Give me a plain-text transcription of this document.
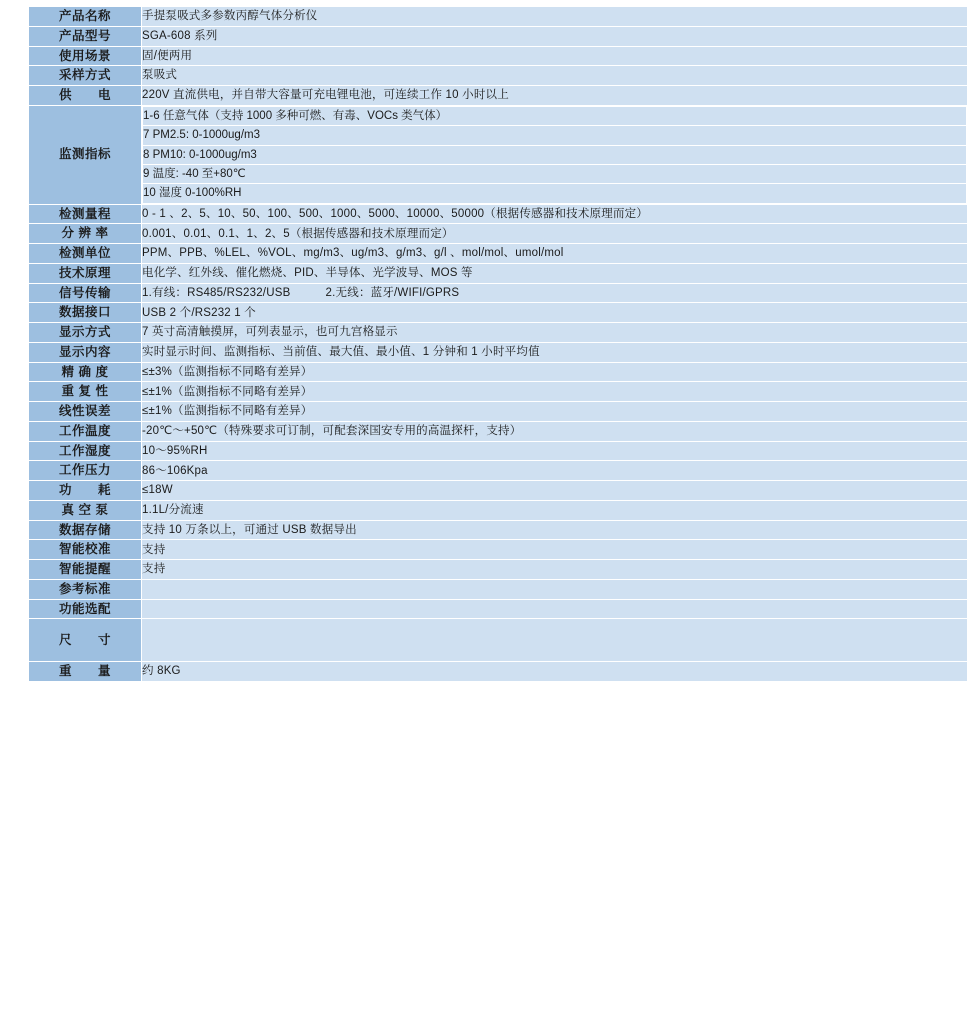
产品名称	手提泵吸式多参数丙醇气体分析仪
产品型号	SGA-608 系列
使用场景	固/便两用
采样方式	泵吸式
供　　电	220V 直流供电，并自带大容量可充电锂电池，可连续工作 10 小时以上
监测指标	
1-6 任意气体（支持 1000 多种可燃、有毒、VOCs 类气体）
7 PM2.5: 0-1000ug/m3
8 PM10: 0-1000ug/m3
9 温度: -40 至+80℃
10 湿度 0-100%RH

检测量程	0 - 1 、2、5、10、50、100、500、1000、5000、10000、50000（根据传感器和技术原理而定）
分 辨 率	0.001、0.01、0.1、1、2、5（根据传感器和技术原理而定）
检测单位	PPM、PPB、%LEL、%VOL、mg/m3、ug/m3、g/m3、g/l 、mol/mol、umol/mol
技术原理	电化学、红外线、催化燃烧、PID、半导体、光学波导、MOS 等
信号传输	1.有线：RS485/RS232/USB　　　2.无线：蓝牙/WIFI/GPRS
数据接口	USB 2 个/RS232 1 个
显示方式	7 英寸高清触摸屏，可列表显示，也可九宫格显示
显示内容	实时显示时间、监测指标、当前值、最大值、最小值、1 分钟和 1 小时平均值
精 确 度	≤±3%（监测指标不同略有差异）
重 复 性	≤±1%（监测指标不同略有差异）
线性误差	≤±1%（监测指标不同略有差异）
工作温度	-20℃～+50℃（特殊要求可订制，可配套深国安专用的高温探杆，支持）
工作湿度	10～95%RH
工作压力	86～106Kpa
功　　耗	≤18W
真 空 泵	1.1L/分流速
数据存储	支持 10 万条以上，可通过 USB 数据导出
智能校准	支持
智能提醒	支持
参考标准	
功能选配	

尺　　寸	

重　　量	约 8KG
